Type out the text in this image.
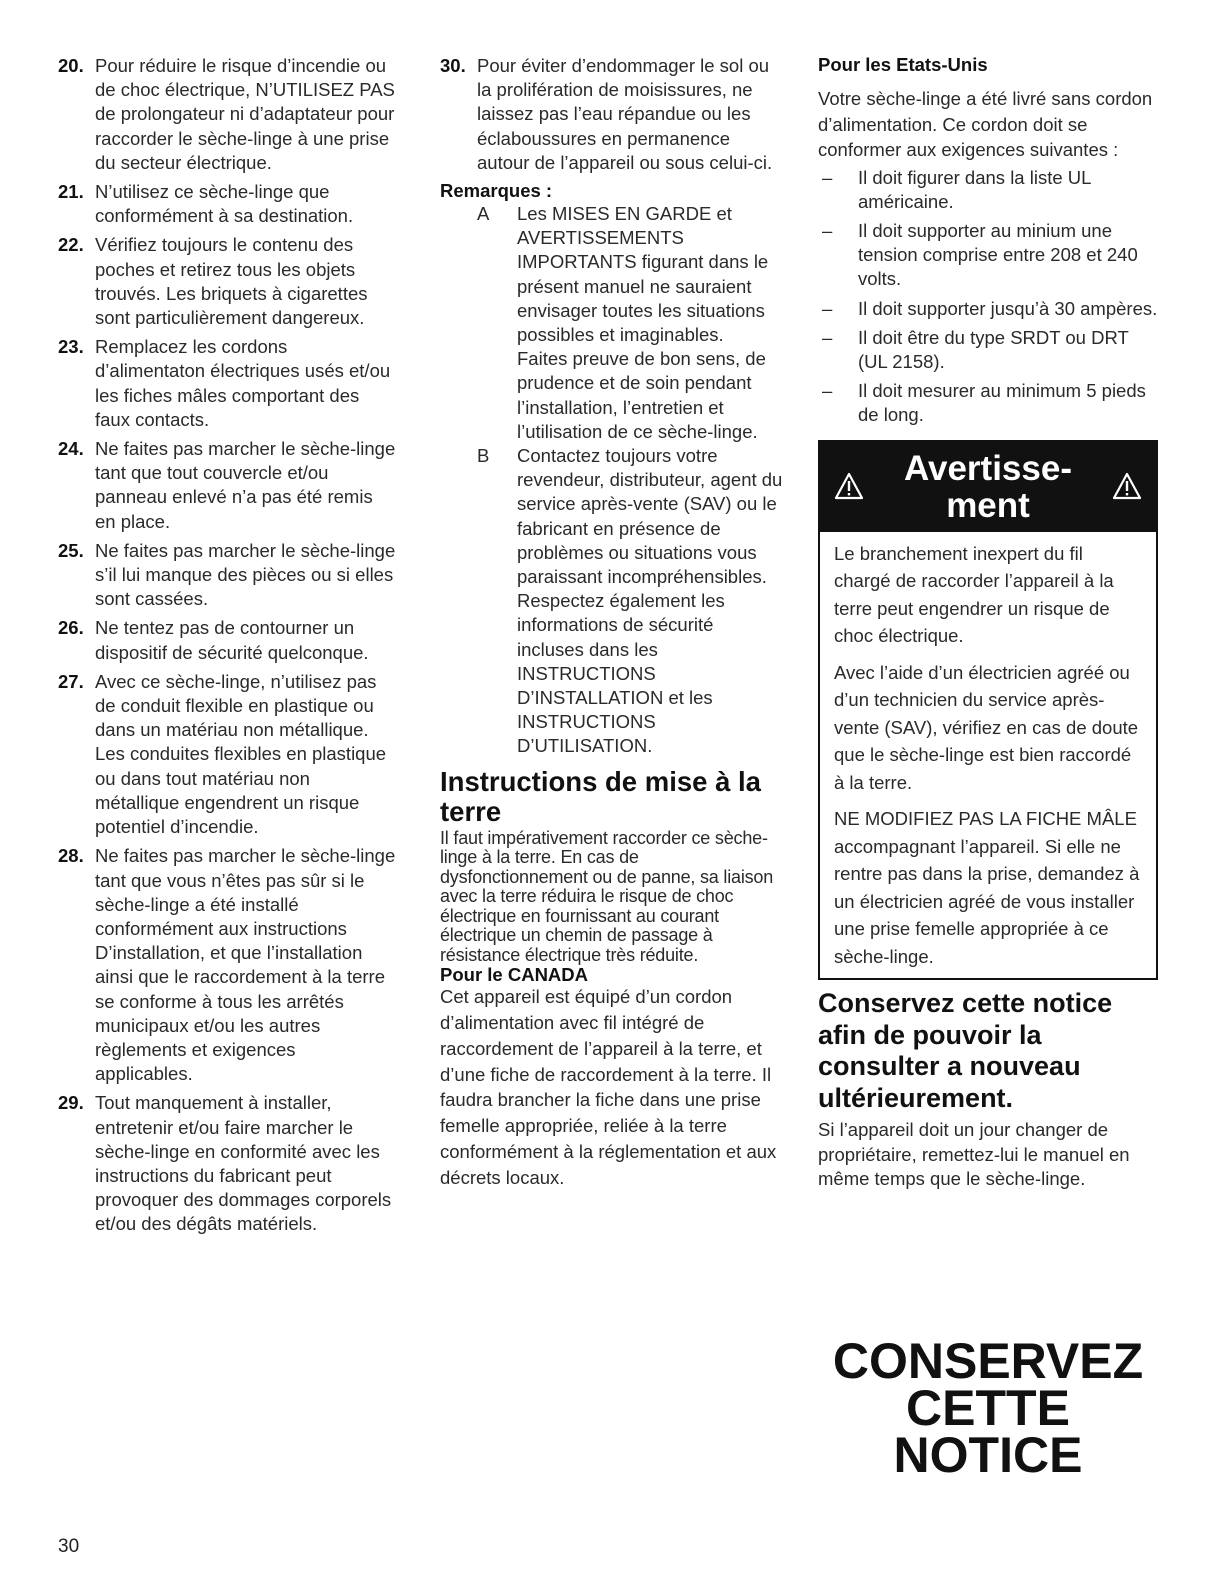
20. Pour réduire le risque d’incendie ou de choc électrique, N’UTILISEZ PAS de prolongateur ni d’adaptateur pour raccorder le sèche-linge à une prise du secteur électrique.
21. N’utilisez ce sèche-linge que conformément à sa destination.
22. Vérifiez toujours le contenu des poches et retirez tous les objets trouvés. Les briquets à cigarettes sont particulièrement dangereux.
23. Remplacez les cordons d’alimentaton électriques usés et/ou les fiches mâles comportant des faux contacts.
24. Ne faites pas marcher le sèche-linge tant que tout couvercle et/ou panneau enlevé n’a pas été remis en place.
25. Ne faites pas marcher le sèche-linge s’il lui manque des pièces ou si elles sont cassées.
26. Ne tentez pas de contourner un dispositif de sécurité quelconque.
27. Avec ce sèche-linge, n’utilisez pas de conduit flexible en plastique ou dans un matériau non métallique. Les conduites flexibles en plastique ou dans tout matériau non métallique engendrent un risque potentiel d’incendie.
28. Ne faites pas marcher le sèche-linge tant que vous n’êtes pas sûr si le sèche-linge a été installé conformément aux instructions D’installation, et que l’installation ainsi que le raccordement à la terre se conforme à tous les arrêtés municipaux et/ou les autres règlements et exigences applicables.
29. Tout manquement à installer, entretenir et/ou faire marcher le sèche-linge en conformité avec les instructions du fabricant peut provoquer des dommages corporels et/ou des dégâts matériels.
30. Pour éviter d’endommager le sol ou la prolifération de moisissures, ne laissez pas l’eau répandue ou les éclaboussures en permanence autour de l’appareil ou sous celui-ci.
Remarques :
A Les MISES EN GARDE et AVERTISSEMENTS IMPORTANTS figurant dans le présent manuel ne sauraient envisager toutes les situations possibles et imaginables.

Faites preuve de bon sens, de prudence et de soin pendant l’installation, l’entretien et l’utilisation de ce sèche-linge.

B Contactez toujours votre revendeur, distributeur, agent du service après-vente (SAV) ou le fabricant en présence de problèmes ou situations vous paraissant incompréhensibles.

Respectez également les informations de sécurité incluses dans les INSTRUCTIONS D’INSTALLATION et les INSTRUCTIONS D’UTILISATION.

Instructions de mise à la terre
Il faut impérativement raccorder ce sèche-linge à la terre. En cas de dysfonctionnement ou de panne, sa liaison avec la terre réduira le risque de choc électrique en fournissant au courant électrique un chemin de passage à résistance électrique très réduite.
Pour le CANADA
Cet appareil est équipé d’un cordon d’alimentation avec fil intégré de raccordement de l’appareil à la terre, et d’une fiche de raccordement à la terre. Il faudra brancher la fiche dans une prise femelle appropriée, reliée à la terre conformément à la réglementation et aux décrets locaux.
Pour les Etats-Unis
Votre sèche-linge a été livré sans cordon d’alimentation. Ce cordon doit se conformer aux exigences suivantes :
– Il doit figurer dans la liste UL américaine.
– Il doit supporter au minium une tension comprise entre 208 et 240 volts.
– Il doit supporter jusqu’à 30 ampères.
– Il doit être du type SRDT ou DRT (UL 2158).
– Il doit mesurer au minimum 5 pieds de long.
Avertisse- ment

Le branchement inexpert du fil chargé de raccorder l’appareil à la terre peut engendrer un risque de choc électrique.

Avec l’aide d’un électricien agréé ou d’un technicien du service après-vente (SAV), vérifiez en cas de doute que le sèche-linge est bien raccordé à la terre.

NE MODIFIEZ PAS LA FICHE MÂLE accompagnant l’appareil. Si elle ne rentre pas dans la prise, demandez à un électricien agréé de vous installer une prise femelle appropriée à ce sèche-linge.

Conservez cette notice afin de pouvoir la consulter a nouveau ultérieurement.
Si l’appareil doit un jour changer de propriétaire, remettez-lui le manuel en même temps que le sèche-linge.
CONSERVEZ
CETTE
NOTICE
30
